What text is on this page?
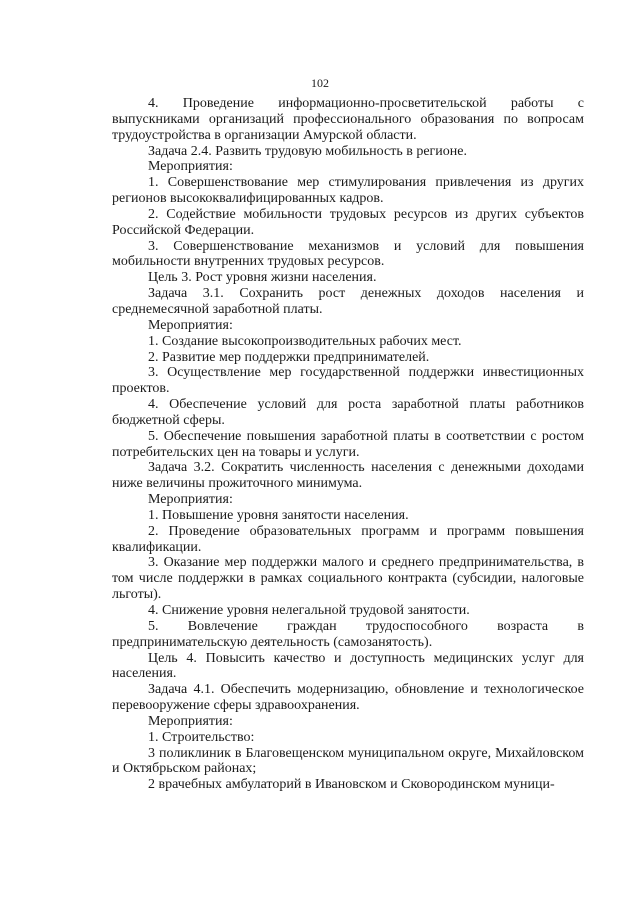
102

4. Проведение информационно-просветительской работы с выпускниками организаций профессионального образования по вопросам трудоустройства в организации Амурской области.

Задача 2.4. Развить трудовую мобильность в регионе.

Мероприятия:

1. Совершенствование мер стимулирования привлечения из других регионов высококвалифицированных кадров.

2. Содействие мобильности трудовых ресурсов из других субъектов Российской Федерации.

3. Совершенствование механизмов и условий для повышения мобильности внутренних трудовых ресурсов.

Цель 3. Рост уровня жизни населения.

Задача 3.1. Сохранить рост денежных доходов населения и среднемесячной заработной платы.

Мероприятия:

1. Создание высокопроизводительных рабочих мест.

2. Развитие мер поддержки предпринимателей.

3. Осуществление мер государственной поддержки инвестиционных проектов.

4. Обеспечение условий для роста заработной платы работников бюджетной сферы.

5. Обеспечение повышения заработной платы в соответствии с ростом потребительских цен на товары и услуги.

Задача 3.2. Сократить численность населения с денежными доходами ниже величины прожиточного минимума.

Мероприятия:

1. Повышение уровня занятости населения.

2. Проведение образовательных программ и программ повышения квалификации.

3. Оказание мер поддержки малого и среднего предпринимательства, в том числе поддержки в рамках социального контракта (субсидии, налоговые льготы).

4. Снижение уровня нелегальной трудовой занятости.

5. Вовлечение граждан трудоспособного возраста в предпринимательскую деятельность (самозанятость).

Цель 4. Повысить качество и доступность медицинских услуг для населения.

Задача 4.1. Обеспечить модернизацию, обновление и технологическое перевооружение сферы здравоохранения.

Мероприятия:

1. Строительство:

3 поликлиник в Благовещенском муниципальном округе, Михайловском и Октябрьском районах;

2 врачебных амбулаторий в Ивановском и Сковородинском муници-
